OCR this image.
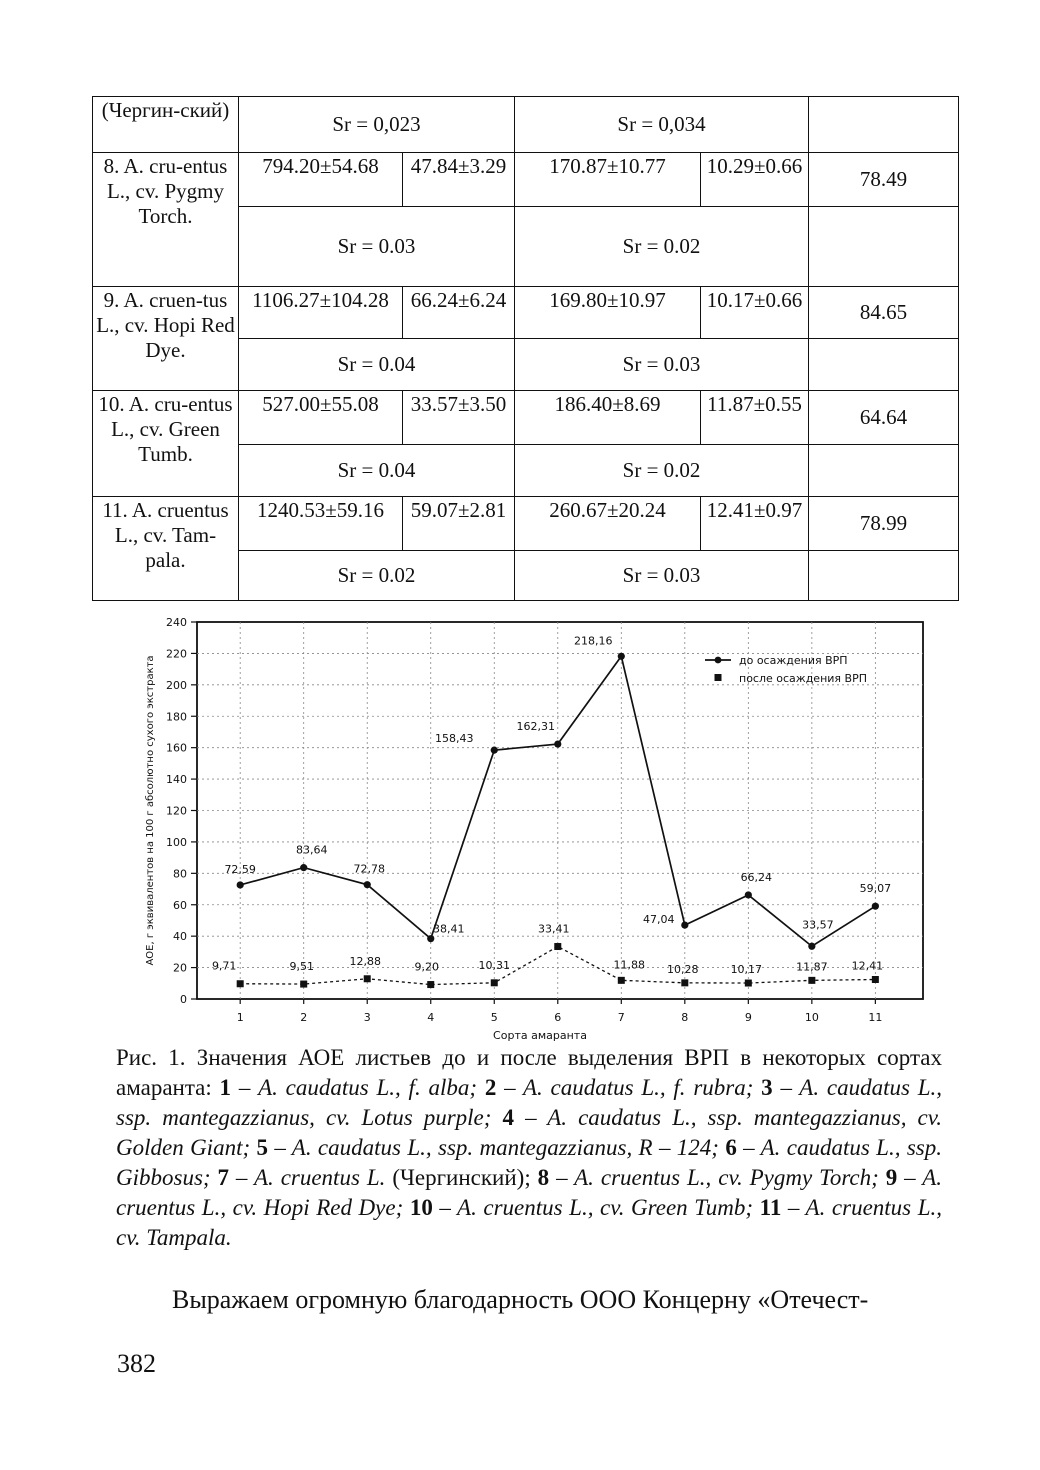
(Чергин-ский)	Sr = 0,023		Sr = 0,034		
8. A. cru-entus L., cv. Pygmy Torch.	794.20±54.68	47.84±3.29	170.87±10.77	10.29±0.66	78.49
	Sr = 0.03		Sr = 0.02		
9. A. cruen-tus L., cv. Hopi Red Dye.	1106.27±104.28	66.24±6.24	169.80±10.97	10.17±0.66	84.65
	Sr = 0.04		Sr = 0.03		
10. A. cru-entus L., cv. Green Tumb.	527.00±55.08	33.57±3.50	186.40±8.69	11.87±0.55	64.64
	Sr = 0.04		Sr = 0.02		
11. A. cruentus L., cv. Tam-pala.	1240.53±59.16	59.07±2.81	260.67±20.24	12.41±0.97	78.99
	Sr = 0.02		Sr = 0.03		
0
20
40
60
80
100
120
140
160
180
200
220
240
1	2	3	4	5	6	7	8	9	10	11
Сорта амаранта
АОЕ, г эквивалентов на 100 г абсолютно сухого экстракта	72,59
83,64
72,78
38,41
158,43
162,31
218,16
47,04
66,24
33,57
59,07
9,71	9,51	12,88	9,20	10,31
33,41
11,88 10,28	10,17	11,87 12,41
до осаждения ВРП
после осаждения ВРП
Рис. 1. Значения АОЕ листьев до и после выделения ВРП в некоторых сортах амаранта: 1 – A. caudatus L., f. alba; 2 – A. caudatus L., f. rubra; 3 – A. caudatus L., ssp. mantegazzianus, cv. Lotus purple; 4 – A. caudatus L., ssp. mantegazzianus, cv. Golden Giant; 5 – A. caudatus L., ssp. mantegazzianus, R – 124; 6 – A. caudatus L., ssp. Gibbosus; 7 – A. cruentus L. (Чергинский); 8 – A. cruentus L., cv. Pygmy Torch; 9 – A. cruentus L., cv. Hopi Red Dye; 10 – A. cruentus L., cv. Green Tumb; 11 – A. cruentus L., cv. Tampala.
Выражаем огромную благодарность ООО Концерну «Отечест-
382
